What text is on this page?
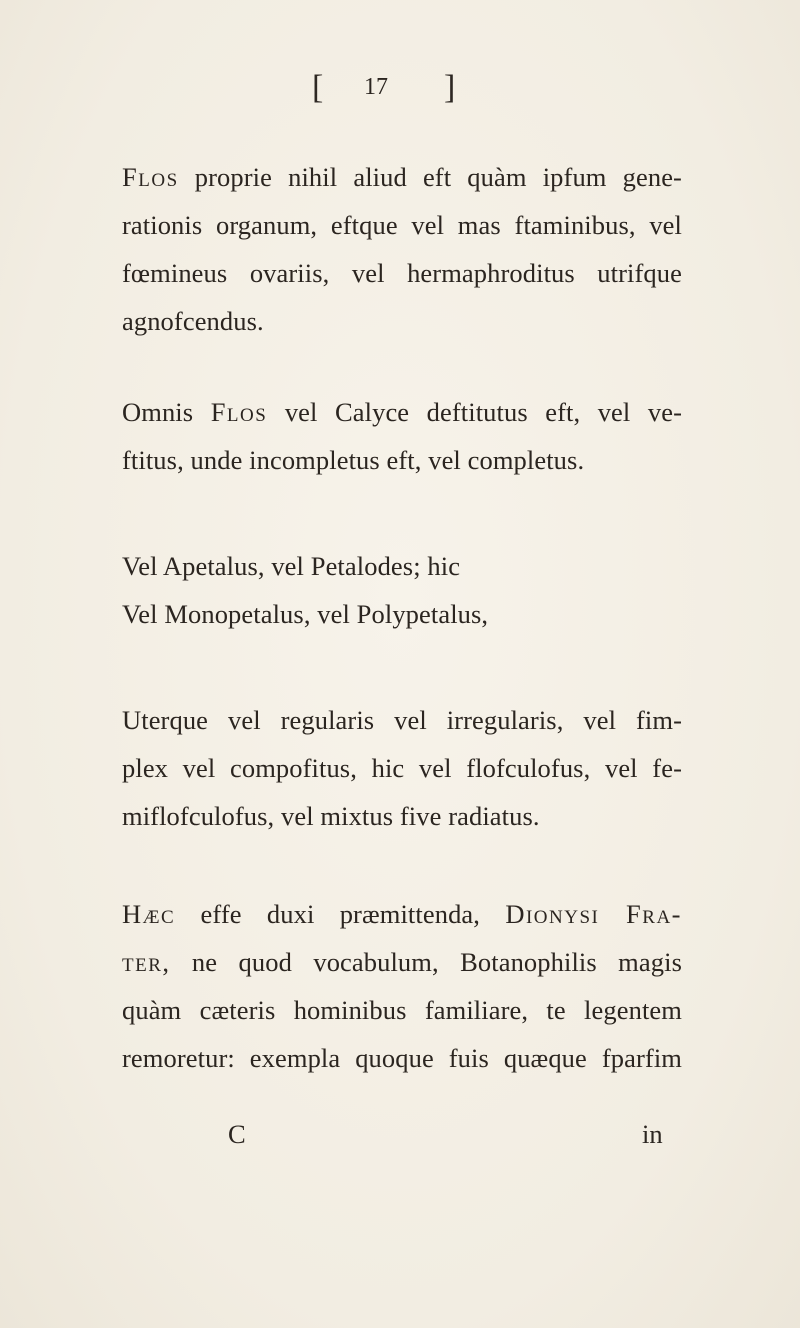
[ 17 ]
Flos proprie nihil aliud eft quàm ipfum gene-
rationis organum, eftque vel mas ftaminibus, vel
fœmineus ovariis, vel hermaphroditus utrifque
agnofcendus.
Omnis Flos vel Calyce deftitutus eft, vel ve-
ftitus, unde incompletus eft, vel completus.
Vel Apetalus, vel Petalodes; hic
Vel Monopetalus, vel Polypetalus,
Uterque vel regularis vel irregularis, vel fim-
plex vel compofitus, hic vel flofculofus, vel fe-
miflofculofus, vel mixtus five radiatus.
Hæc effe duxi præmittenda, Dionysi Fra-
ter, ne quod vocabulum, Botanophilis magis
quàm cæteris hominibus familiare, te legentem
remoretur: exempla quoque fuis quæque fparfim
C	in
